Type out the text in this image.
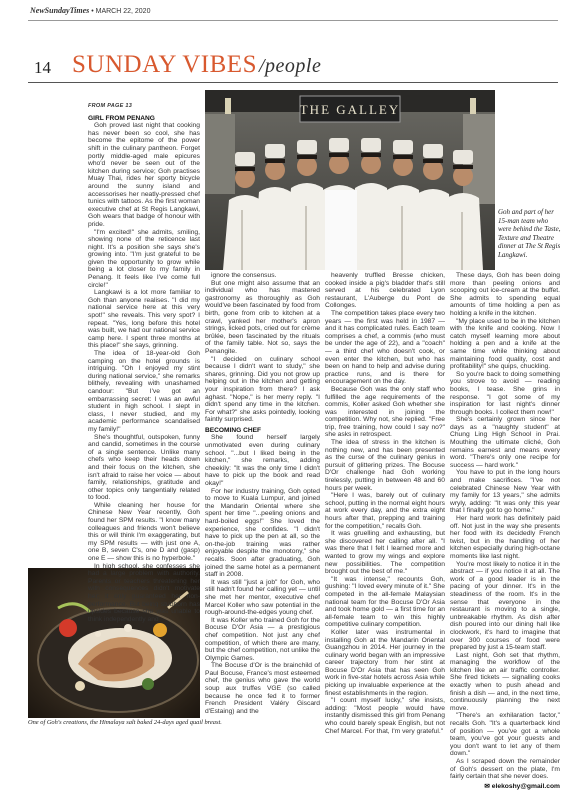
NewSundayTimes • MARCH 22, 2020
14 SUNDAY VIBES /people
THE GALLEY
Goh and part of her 15-man team who were behind the Taste, Texture and Theatre dinner at The St Regis Langkawi.
One of Goh's creations, the Himalaya salt baked 24-days aged quail breast.
FROM PAGE 13
GIRL FROM PENANG

Goh proved last night that cooking has never been so cool, she has become the epitome of the power shift in the culinary pantheon. Forget portly middle-aged male epicures who'd never be seen out of the kitchen during service; Goh practises Muay Thai, rides her sporty bicycle around the sunny island and accessorises her neatly-pressed chef tunics with tattoos. As the first woman executive chef at St Regis Langkawi, Goh wears that badge of honour with pride.

"I'm excited!" she admits, smiling, showing none of the reticence last night. It's a position she says she's growing into. "I'm just grateful to be given the opportunity to grow while being a lot closer to my family in Penang. It feels like I've come full circle!"

Langkawi is a lot more familiar to Goh than anyone realises. "I did my national service here at this very spot!" she reveals. This very spot? I repeat. "Yes, long before this hotel was built, we had our national service camp here. I spent three months at this place!" she says, grinning.

The idea of 18-year-old Goh camping on the hotel grounds is intriguing. "Oh I enjoyed my stint during national service," she remarks blithely, revealing with unashamed candour: "But I've got an embarrassing secret: I was an awful student in high school. I slept in class, I never studied, and my academic performance scandalised my family!"

She's thoughtful, outspoken, funny and candid, sometimes in the course of a single sentence. Unlike many chefs who keep their heads down and their focus on the kitchen, she isn't afraid to raise her voice — about family, relationships, gratitude and other topics only tangentially related to food.

While cleaning her house for Chinese New Year recently, Goh found her SPM results. "I know many colleagues and friends won't believe this or will think I'm exaggerating, but my SPM results — with just one A, one B, seven C's, one D and (gasp) one E — show this is no hyperbole."

In high school, she confesses she had a large problem with authority. Parents or teachers threatening her with consequences didn't motivate her; it only guaranteed her non-performance. But being stubborn has upsides because she was unable to think independently and

ignore the consensus.

But one might also assume that an individual who has mastered gastronomy as thoroughly as Goh would've been fascinated by food from birth, gone from crib to kitchen at a crawl, yanked her mother's apron strings, licked pots, cried out for crème brûlée, been fascinated by the rituals of the family table. Not so, says the Penangite.

"I decided on culinary school because I didn't want to study," she shares, grinning. Did you not grow up helping out in the kitchen and getting your inspiration from there? I ask aghast. "Nope," is her merry reply. "I didn't spend any time in the kitchen. For what?" she asks pointedly, looking faintly surprised.

BECOMING CHEF

She found herself largely unmotivated even during culinary school. "...but I liked being in the kitchen," she remarks, adding cheekily: "It was the only time I didn't have to pick up the book and read okay!"

For her industry training, Goh opted to move to Kuala Lumpur, and joined the Mandarin Oriental where she spent her time "...peeling onions and hard-boiled eggs!" She loved the experience, she confides. "I didn't have to pick up the pen at all, so the on-the-job training was rather enjoyable despite the monotony," she recalls. Soon after graduating, Goh joined the same hotel as a permanent staff in 2008.

It was still "just a job" for Goh, who still hadn't found her calling yet — until she met her mentor, executive chef Marcel Koller who saw potential in the rough-around-the-edges young chef.

It was Koller who trained Goh for the Bocuse D'Or Asia — a prestigious chef competition. Not just any chef competition, of which there are many, but the chef competition, not unlike the Olympic Games.

The Bocuse d'Or is the brainchild of Paul Bocuse, France's most esteemed chef, the genius who gave the world soup aux truffes VGE (so called because he once fed it to former French President Valéry Giscard d'Estaing) and the

heavenly truffled Bresse chicken, cooked inside a pig's bladder that's still served at his celebrated Lyon restaurant, L'Auberge du Pont de Collonges.

The competition takes place every two years — the first was held in 1987 — and it has complicated rules. Each team comprises a chef, a commis (who must be under the age of 22), and a "coach" — a third chef who doesn't cook, or even enter the kitchen, but who has been on hand to help and advise during practice runs, and is there for encouragement on the day.

Because Goh was the only staff who fulfilled the age requirements of the commis, Koller asked Goh whether she was interested in joining the competition. Why not, she replied. "Free trip, free training, how could I say no?" she asks in retrospect.

The idea of stress in the kitchen is nothing new, and has been presented as the curse of the culinary genius in pursuit of glittering prizes. The Bocuse D'Or challenge had Goh working tirelessly, putting in between 48 and 60 hours per week.

"Here I was, barely out of culinary school, putting in the normal eight hours at work every day, and the extra eight hours after that, prepping and training for the competition," recalls Goh.

It was gruelling and exhausting, but she discovered her calling after all. "I was there that I felt I learned more and wanted to grow my wings and explore new possibilities. The competition brought out the best of me."

"It was intense," recounts Goh, gushing: "I loved every minute of it." She competed in the all-female Malaysian national team for the Bocuse D'Or Asia and took home gold — a first time for an all-female team to win this highly competitive culinary competition.

Koller later was instrumental in installing Goh at the Mandarin Oriental Guangzhou in 2014. Her journey in the culinary world began with an impressive career trajectory from her stint at Bocuse D'Or Asia that has seen Goh work in five-star hotels across Asia while picking up invaluable experience at the finest establishments in the region.

"I count myself lucky," she insists, adding: "Most people would have instantly dismissed this girl from Penang who could barely speak English, but not Chef Marcel. For that, I'm very grateful."

These days, Goh has been doing more than peeling onions and scooping out ice-cream at the buffet. She admits to spending equal amounts of time holding a pen as holding a knife in the kitchen.

"My place used to be in the kitchen with the knife and cooking. Now I catch myself learning more about holding a pen and a knife at the same time while thinking about maintaining food quality, cost and profitability!" she quips, chuckling.

So you're back to doing something you strove to avoid — reading books, I tease. She grins in response. "I got some of my inspiration for last night's dinner through books. I collect them now!"

She's certainly grown since her days as a "naughty student" at Chung Ling High School in Prai. Mouthing the ultimate cliché, Goh remains earnest and means every word. "There's only one recipe for success — hard work."

You have to put in the long hours and make sacrifices. "I've not celebrated Chinese New Year with my family for 13 years," she admits wryly, adding: "It was only this year that I finally got to go home."

Her hard work has definitely paid off. Not just in the way she presents her food with its decidedly French twist, but in the handling of her kitchen especially during high-octane moments like last night.

You're most likely to notice it in the abstract — if you notice it at all. The work of a good leader is in the pacing of your dinner. It's in the steadiness of the room. It's in the sense that everyone in the restaurant is moving to a single, unbreakable rhythm. As dish after dish poured into our dining hall like clockwork, it's hard to imagine that over 300 courses of food were prepared by just a 15-team staff.

Last night, Goh set that rhythm, managing the workflow of the kitchen like an air traffic controller. She fired tickets — signalling cooks exactly when to push ahead and finish a dish — and, in the next time, continuously planning the next move.

"There's an exhilaration factor," recalls Goh. "It's a quarterback kind of position — you've got a whole team, you've got your guests and you don't want to let any of them down."

As I scraped down the remainder of Goh's dessert on the plate, I'm fairly certain that she never does.

✉ elekoshy@gmail.com
